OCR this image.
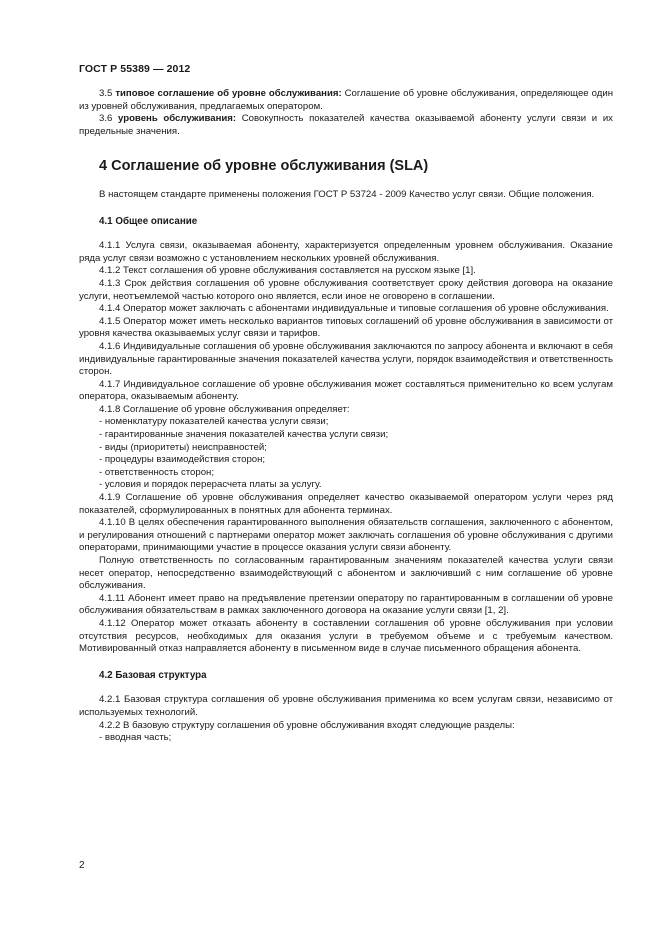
ГОСТ Р 55389 — 2012

3.5 типовое соглашение об уровне обслуживания: Соглашение об уровне обслуживания, определяющее один из уровней обслуживания, предлагаемых оператором.

3.6 уровень обслуживания: Совокупность показателей качества оказываемой абоненту услуги связи и их предельные значения.

4 Соглашение об уровне обслуживания (SLA)

В настоящем стандарте применены положения ГОСТ Р 53724 - 2009 Качество услуг связи. Общие положения.

4.1 Общее описание

4.1.1 Услуга связи, оказываемая абоненту, характеризуется определенным уровнем обслуживания. Оказание ряда услуг связи возможно с установлением нескольких уровней обслуживания.

4.1.2 Текст соглашения об уровне обслуживания составляется на русском языке [1].

4.1.3 Срок действия соглашения об уровне обслуживания соответствует сроку действия договора на оказание услуги, неотъемлемой частью которого оно является, если иное не оговорено в соглашении.

4.1.4 Оператор может заключать с абонентами индивидуальные и типовые соглашения об уровне обслуживания.

4.1.5 Оператор может иметь несколько вариантов типовых соглашений об уровне обслуживания в зависимости от уровня качества оказываемых услуг связи и тарифов.

4.1.6 Индивидуальные соглашения об уровне обслуживания заключаются по запросу абонента и включают в себя индивидуальные гарантированные значения показателей качества услуги, порядок взаимодействия и ответственность сторон.

4.1.7 Индивидуальное соглашение об уровне обслуживания может составляться применительно ко всем услугам оператора, оказываемым абоненту.

4.1.8 Соглашение об уровне обслуживания определяет:

- номенклатуру показателей качества услуги связи;

- гарантированные значения показателей качества услуги связи;

- виды (приоритеты) неисправностей;

- процедуры взаимодействия сторон;

- ответственность сторон;

- условия и порядок перерасчета платы за услугу.

4.1.9 Соглашение об уровне обслуживания определяет качество оказываемой оператором услуги через ряд показателей, сформулированных в понятных для абонента терминах.

4.1.10 В целях обеспечения гарантированного выполнения обязательств соглашения, заключенного с абонентом, и регулирования отношений с партнерами оператор может заключать соглашения об уровне обслуживания с другими операторами, принимающими участие в процессе оказания услуги связи абоненту.

Полную ответственность по согласованным гарантированным значениям показателей качества услуги связи несет оператор, непосредственно взаимодействующий с абонентом и заключивший с ним соглашение об уровне обслуживания.

4.1.11 Абонент имеет право на предъявление претензии оператору по гарантированным в соглашении об уровне обслуживания обязательствам в рамках заключенного договора на оказание услуги связи [1, 2].

4.1.12 Оператор может отказать абоненту в составлении соглашения об уровне обслуживания при условии отсутствия ресурсов, необходимых для оказания услуги в требуемом объеме и с требуемым качеством. Мотивированный отказ направляется абоненту в письменном виде в случае письменного обращения абонента.

4.2 Базовая структура

4.2.1 Базовая структура соглашения об уровне обслуживания применима ко всем услугам связи, независимо от используемых технологий.

4.2.2 В базовую структуру соглашения об уровне обслуживания входят следующие разделы:

- вводная часть;

2
